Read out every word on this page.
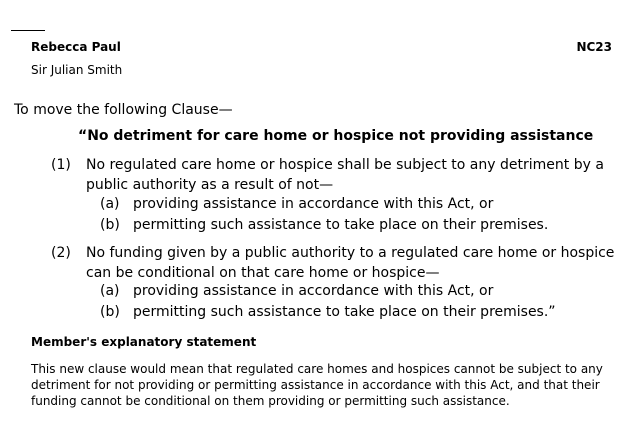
Rebecca Paul
Sir Julian Smith
NC23
To move the following Clause—
“No detriment for care home or hospice not providing assistance
(1) No regulated care home or hospice shall be subject to any detriment by a public authority as a result of not—
(a) providing assistance in accordance with this Act, or
(b) permitting such assistance to take place on their premises.
(2) No funding given by a public authority to a regulated care home or hospice can be conditional on that care home or hospice—
(a) providing assistance in accordance with this Act, or
(b) permitting such assistance to take place on their premises.”
Member's explanatory statement
This new clause would mean that regulated care homes and hospices cannot be subject to any detriment for not providing or permitting assistance in accordance with this Act, and that their funding cannot be conditional on them providing or permitting such assistance.
